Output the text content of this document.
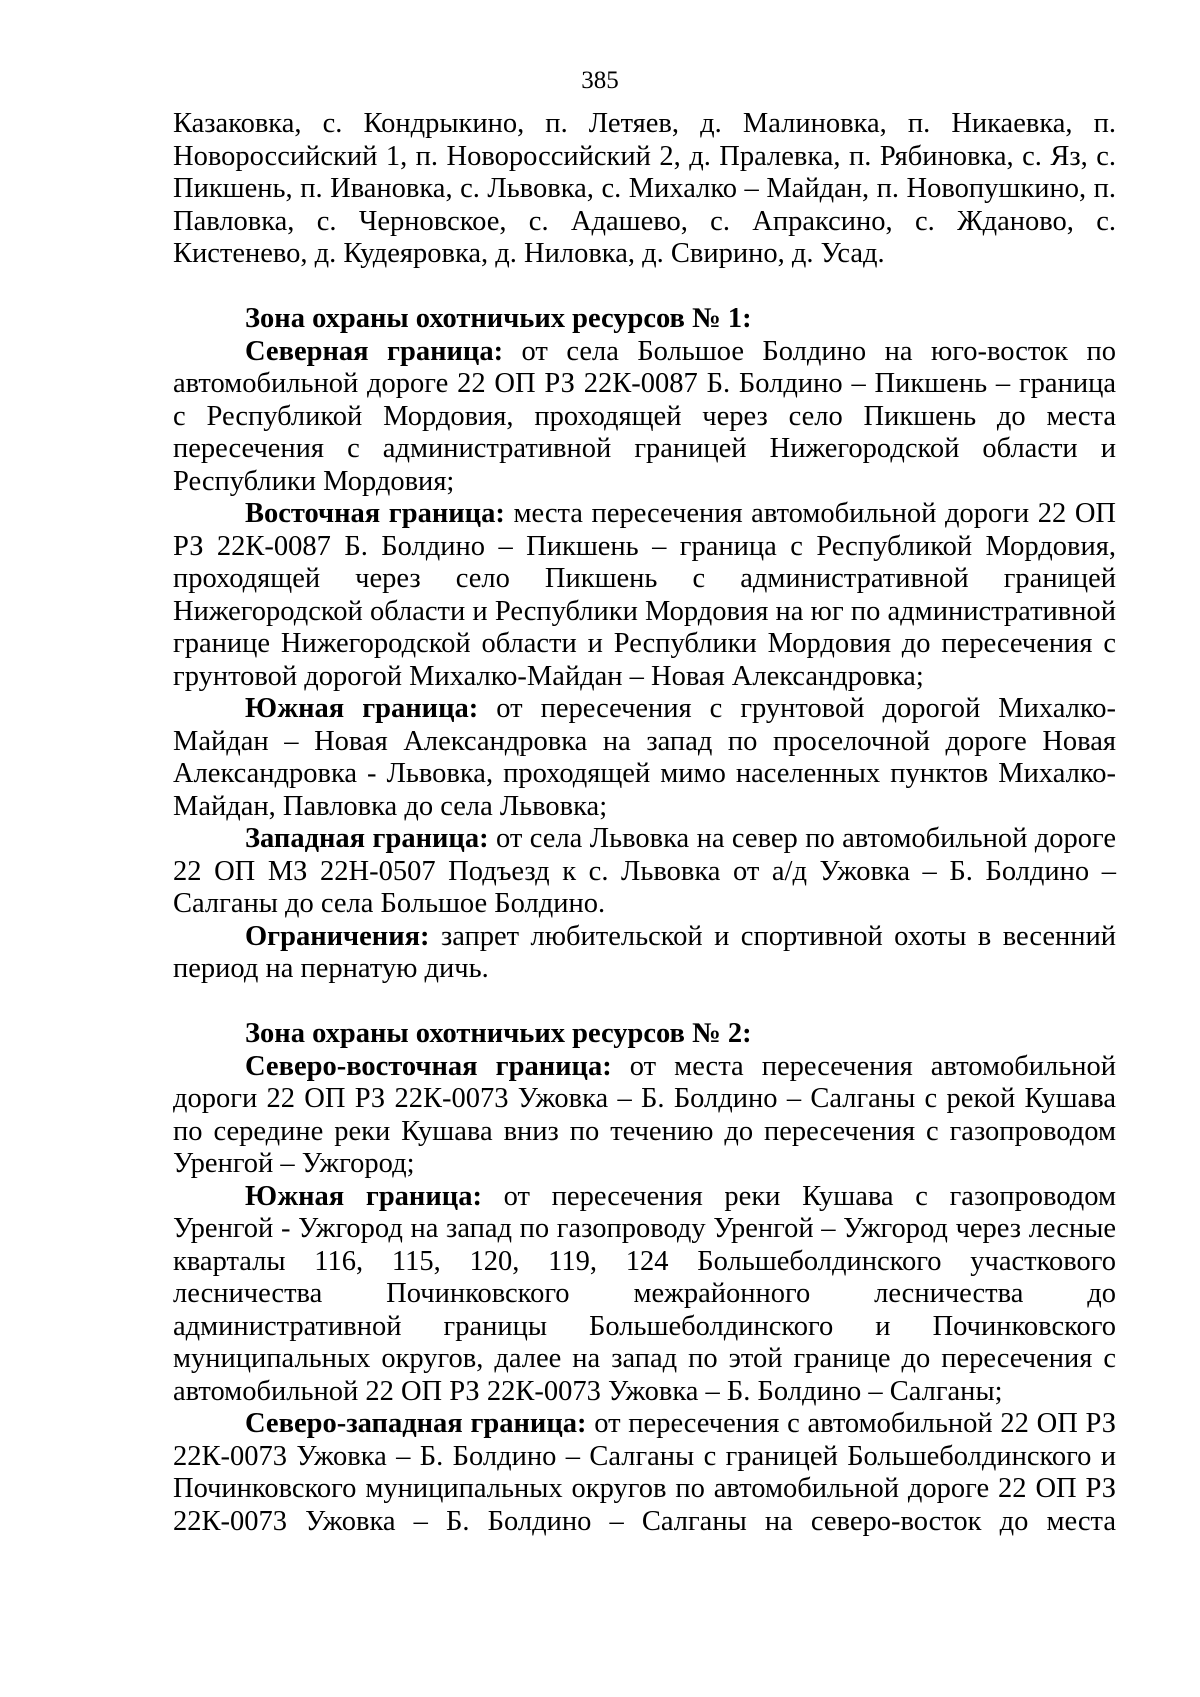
385

Казаковка, с. Кондрыкино, п. Летяев, д. Малиновка, п. Никаевка, п. Новороссийский 1, п. Новороссийский 2, д. Пралевка, п. Рябиновка, с. Яз, с. Пикшень, п. Ивановка, с. Львовка, с. Михалко – Майдан, п. Новопушкино, п. Павловка, с. Черновское, с. Адашево, с. Апраксино, с. Жданово, с. Кистенево, д. Кудеяровка, д. Ниловка, д. Свирино, д. Усад.

Зона охраны охотничьих ресурсов № 1:

Северная граница: от села Большое Болдино на юго-восток по автомобильной дороге 22 ОП РЗ 22К-0087 Б. Болдино – Пикшень – граница с Республикой Мордовия, проходящей через село Пикшень до места пересечения с административной границей Нижегородской области и Республики Мордовия;

Восточная граница: места пересечения автомобильной дороги 22 ОП РЗ 22К-0087 Б. Болдино – Пикшень – граница с Республикой Мордовия, проходящей через село Пикшень с административной границей Нижегородской области и Республики Мордовия на юг по административной границе Нижегородской области и Республики Мордовия до пересечения с грунтовой дорогой Михалко-Майдан – Новая Александровка;

Южная граница: от пересечения с грунтовой дорогой Михалко-Майдан – Новая Александровка на запад по проселочной дороге Новая Александровка - Львовка, проходящей мимо населенных пунктов Михалко-Майдан, Павловка до села Львовка;

Западная граница: от села Львовка на север по автомобильной дороге 22 ОП МЗ 22Н-0507 Подъезд к с. Львовка от а/д Ужовка – Б. Болдино – Салганы до села Большое Болдино.

Ограничения: запрет любительской и спортивной охоты в весенний период на пернатую дичь.

Зона охраны охотничьих ресурсов № 2:

Северо-восточная граница: от места пересечения автомобильной дороги 22 ОП РЗ 22К-0073 Ужовка – Б. Болдино – Салганы с рекой Кушава по середине реки Кушава вниз по течению до пересечения с газопроводом Уренгой – Ужгород;

Южная граница: от пересечения реки Кушава с газопроводом Уренгой - Ужгород на запад по газопроводу Уренгой – Ужгород через лесные кварталы 116, 115, 120, 119, 124 Большеболдинского участкового лесничества Починковского межрайонного лесничества до административной границы Большеболдинского и Починковского муниципальных округов, далее на запад по этой границе до пересечения с автомобильной 22 ОП РЗ 22К-0073 Ужовка – Б. Болдино – Салганы;

Северо-западная граница: от пересечения с автомобильной 22 ОП РЗ 22К-0073 Ужовка – Б. Болдино – Салганы с границей Большеболдинского и Починковского муниципальных округов по автомобильной дороге 22 ОП РЗ 22К-0073 Ужовка – Б. Болдино – Салганы на северо-восток до места
